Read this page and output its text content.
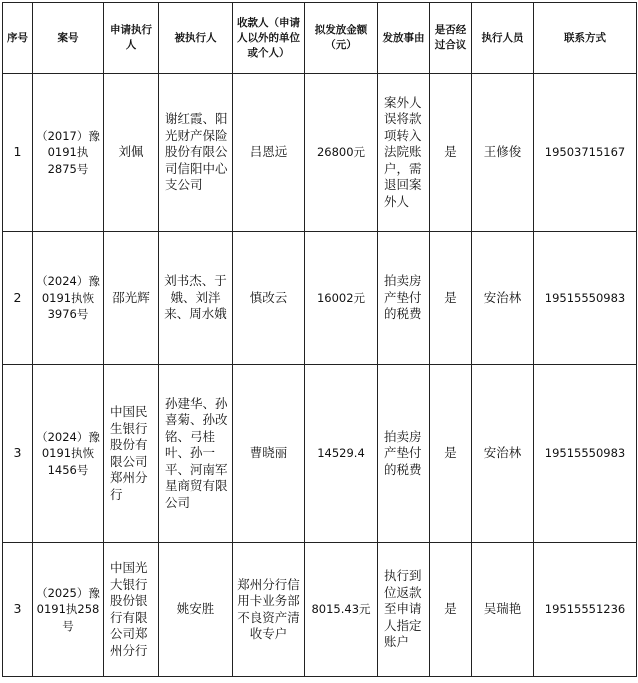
序号	案号	申请执行人	被执行人	收款人（申请人以外的单位或个人）	拟发放金额（元）	发放事由	是否经过合议	执行人员	联系方式
1	（2017）豫0191执2875号	刘佩	谢红霞、阳光财产保险股份有限公司信阳中心支公司	吕恩远	26800元	案外人误将款项转入法院账户，需退回案外人	是	王修俊	19503715167
2	（2024）豫0191执恢3976号	邵光辉	刘书杰、于娥、刘泮来、周水娥	慎改云	16002元	拍卖房产垫付的税费	是	安治林	19515550983
3	（2024）豫0191执恢1456号	中国民生银行股份有限公司郑州分行	孙建华、孙喜菊、孙改铭、弓桂叶、孙一平、河南军星商贸有限公司	曹晓丽	14529.4	拍卖房产垫付的税费	是	安治林	19515550983
3	（2025）豫0191执258号	中国光大银行股份银行有限公司郑州分行	姚安胜	郑州分行信用卡业务部不良资产清收专户	8015.43元	执行到位返款至申请人指定账户	是	吴瑞艳	19515551236
